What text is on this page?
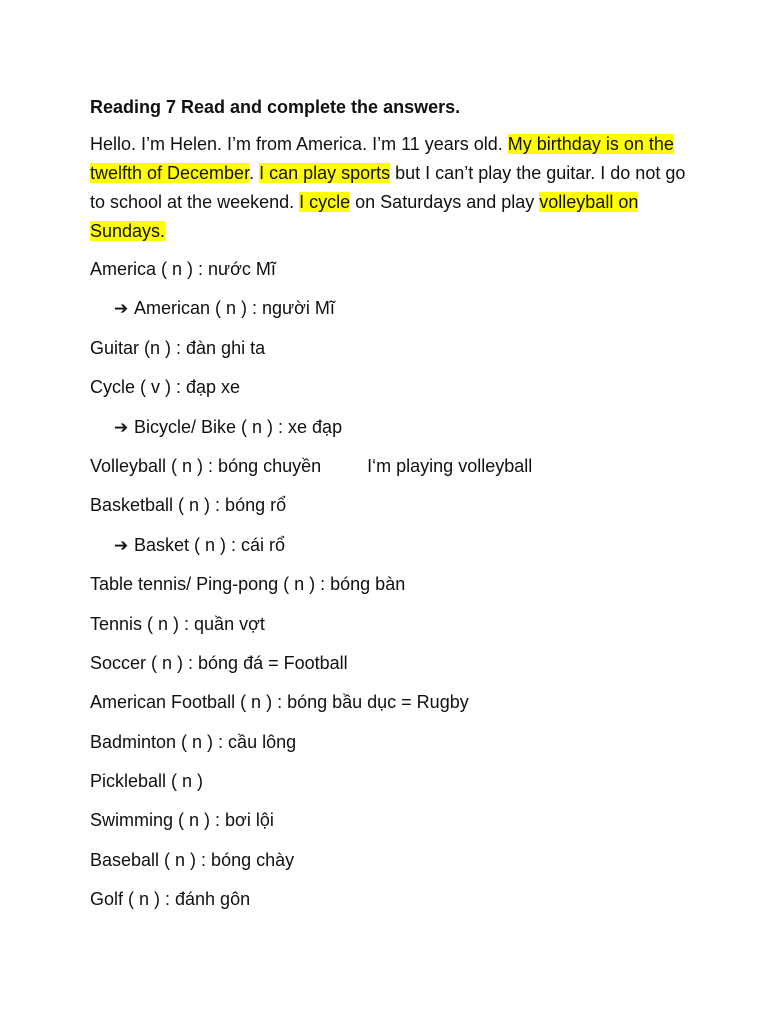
Reading 7 Read and complete the answers.

Hello. I’m Helen. I’m from America. I’m 11 years old. My birthday is on the twelfth of December. I can play sports but I can’t play the guitar. I do not go to school at the weekend. I cycle on Saturdays and play volleyball on Sundays.

America ( n ) : nước Mĩ

➔ American ( n ) : người Mĩ

Guitar (n ) : đàn ghi ta

Cycle ( v ) : đạp xe

➔ Bicycle/ Bike ( n ) : xe đạp

Volleyball ( n ) : bóng chuyền	I‘m playing volleyball

Basketball ( n ) : bóng rổ

➔ Basket ( n ) : cái rổ

Table tennis/ Ping-pong ( n ) : bóng bàn

Tennis ( n ) : quần vợt

Soccer ( n ) : bóng đá = Football

American Football ( n ) : bóng bầu dục = Rugby

Badminton ( n ) : cầu lông

Pickleball ( n )

Swimming ( n ) : bơi lội

Baseball ( n ) : bóng chày

Golf ( n ) : đánh gôn
